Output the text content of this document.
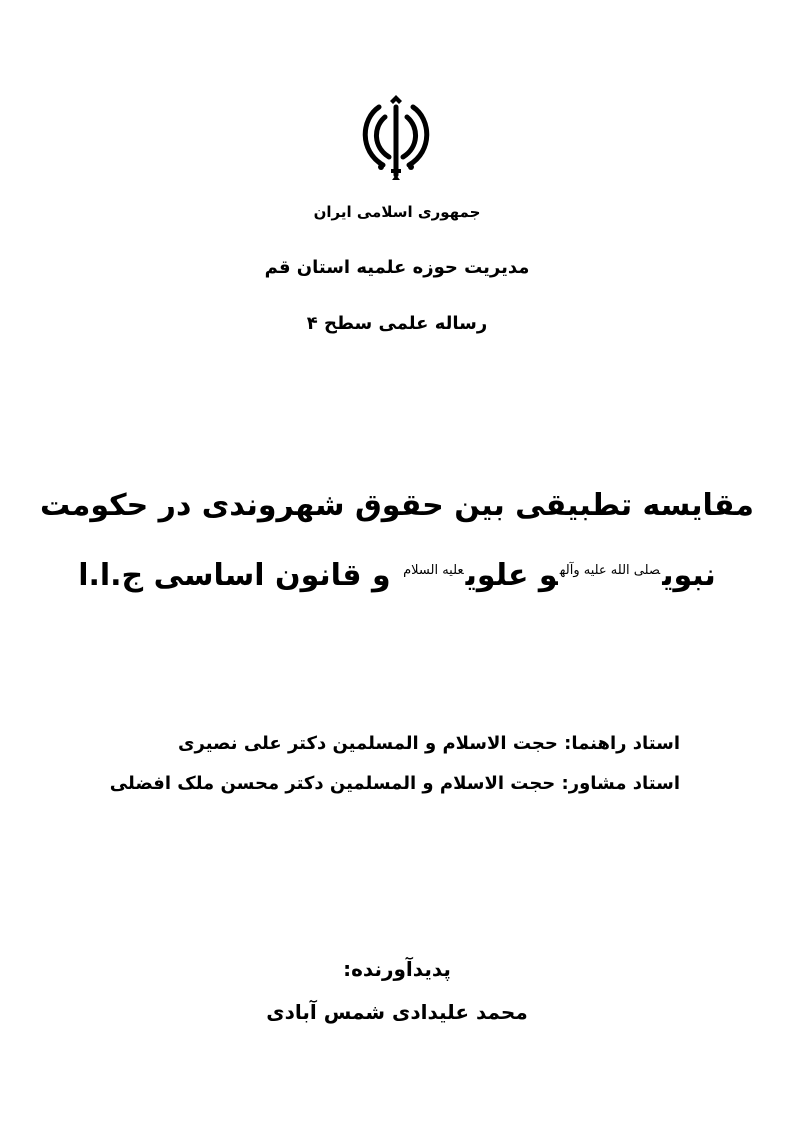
جمهوری اسلامی ایران
مدیریت حوزه علمیه استان قم
رساله علمی سطح ۴
مقایسه تطبیقی بین حقوق شهروندی در حکومت
نبوی$^{صلى الله عليه وآله}$و علوی$^{عليه السلام}$ و قانون اساسی ج.ا.ا
استاد راهنما: حجت الاسلام و المسلمین دکتر علی نصیری
استاد مشاور: حجت الاسلام و المسلمین دکتر محسن ملک افضلی
پدیدآورنده:
محمد علیدادی شمس آبادی
